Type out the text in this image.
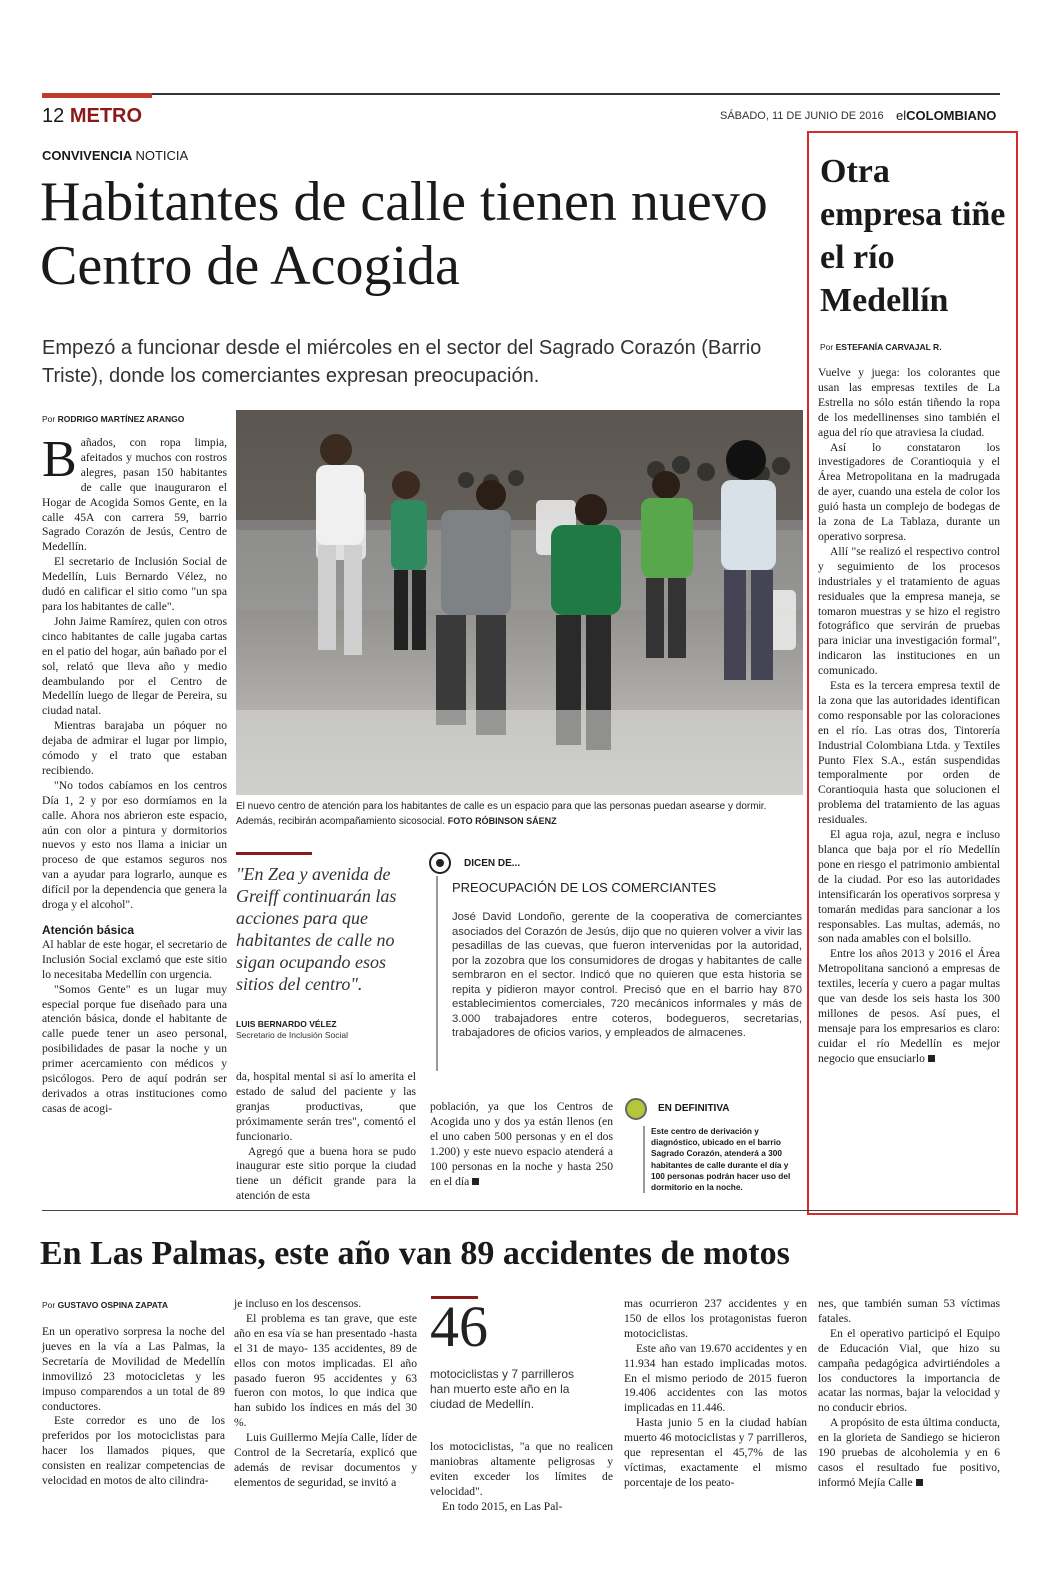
12 METRO	SÁBADO, 11 DE JUNIO DE 2016 elCOLOMBIANO
CONVIVENCIA NOTICIA
Habitantes de calle tienen nuevo Centro de Acogida
Empezó a funcionar desde el miércoles en el sector del Sagrado Corazón (Barrio Triste), donde los comerciantes expresan preocupación.
Por RODRIGO MARTÍNEZ ARANGO

Bañados, con ropa limpia, afeitados y muchos con rostros alegres, pasan 150 habitantes de calle que inauguraron el Hogar de Acogida Somos Gente, en la calle 45A con carrera 59, barrio Sagrado Corazón de Jesús, Centro de Medellín.

El secretario de Inclusión Social de Medellín, Luis Bernardo Vélez, no dudó en calificar el sitio como "un spa para los habitantes de calle".

John Jaime Ramírez, quien con otros cinco habitantes de calle jugaba cartas en el patio del hogar, aún bañado por el sol, relató que lleva año y medio deambulando por el Centro de Medellín luego de llegar de Pereira, su ciudad natal.

Mientras barajaba un póquer no dejaba de admirar el lugar por limpio, cómodo y el trato que estaban recibiendo.

"No todos cabíamos en los centros Día 1, 2 y por eso dormíamos en la calle. Ahora nos abrieron este espacio, aún con olor a pintura y dormitorios nuevos y esto nos llama a iniciar un proceso de que estamos seguros nos van a ayudar para lograrlo, aunque es difícil por la dependencia que genera la droga y el alcohol".

Atención básica

Al hablar de este hogar, el secretario de Inclusión Social exclamó que este sitio lo necesitaba Medellín con urgencia.

"Somos Gente" es un lugar muy especial porque fue diseñado para una atención básica, donde el habitante de calle puede tener un aseo personal, posibilidades de pasar la noche y un primer acercamiento con médicos y psicólogos. Pero de aquí podrán ser derivados a otras instituciones como casas de acogi-

El nuevo centro de atención para los habitantes de calle es un espacio para que las personas puedan asearse y dormir. Además, recibirán acompañamiento sicosocial. FOTO RÓBINSON SÁENZ
"En Zea y avenida de Greiff continuarán las acciones para que habitantes de calle no sigan ocupando esos sitios del centro".
LUIS BERNARDO VÉLEZ
Secretario de Inclusión Social

da, hospital mental si así lo amerita el estado de salud del paciente y las granjas productivas, que próximamente serán tres", comentó el funcionario.

Agregó que a buena hora se pudo inaugurar este sitio porque la ciudad tiene un déficit grande para la atención de esta

DICEN DE...
PREOCUPACIÓN DE LOS COMERCIANTES
José David Londoño, gerente de la cooperativa de comerciantes asociados del Corazón de Jesús, dijo que no quieren volver a vivir las pesadillas de las cuevas, que fueron intervenidas por la autoridad, por la zozobra que los consumidores de drogas y habitantes de calle sembraron en el sector. Indicó que no quieren que esta historia se repita y pidieron mayor control. Precisó que en el barrio hay 870 establecimientos comerciales, 720 mecánicos informales y más de 3.000 trabajadores entre coteros, bodegueros, secretarias, trabajadores de oficios varios, y empleados de almacenes.

población, ya que los Centros de Acogida uno y dos ya están llenos (en el uno caben 500 personas y en el dos 1.200) y este nuevo espacio atenderá a 100 personas en la noche y hasta 250 en el día

EN DEFINITIVA
Este centro de derivación y diagnóstico, ubicado en el barrio Sagrado Corazón, atenderá a 300 habitantes de calle durante el día y 100 personas podrán hacer uso del dormitorio en la noche.
Otra empresa tiñe el río Medellín
Por ESTEFANÍA CARVAJAL R.

Vuelve y juega: los colorantes que usan las empresas textiles de La Estrella no sólo están tiñendo la ropa de los medellinenses sino también el agua del río que atraviesa la ciudad.

Así lo constataron los investigadores de Corantioquia y el Área Metropolitana en la madrugada de ayer, cuando una estela de color los guió hasta un complejo de bodegas de la zona de La Tablaza, durante un operativo sorpresa.

Allí "se realizó el respectivo control y seguimiento de los procesos industriales y el tratamiento de aguas residuales que la empresa maneja, se tomaron muestras y se hizo el registro fotográfico que servirán de pruebas para iniciar una investigación formal", indicaron las instituciones en un comunicado.

Esta es la tercera empresa textil de la zona que las autoridades identifican como responsable por las coloraciones en el río. Las otras dos, Tintorería Industrial Colombiana Ltda. y Textiles Punto Flex S.A., están suspendidas temporalmente por orden de Corantioquia hasta que solucionen el problema del tratamiento de las aguas residuales.

El agua roja, azul, negra e incluso blanca que baja por el río Medellín pone en riesgo el patrimonio ambiental de la ciudad. Por eso las autoridades intensificarán los operativos sorpresa y tomarán medidas para sancionar a los responsables. Las multas, además, no son nada amables con el bolsillo.

Entre los años 2013 y 2016 el Área Metropolitana sancionó a empresas de textiles, lecería y cuero a pagar multas que van desde los seis hasta los 300 millones de pesos. Así pues, el mensaje para los empresarios es claro: cuidar el río Medellín es mejor negocio que ensuciarlo

En Las Palmas, este año van 89 accidentes de motos
Por GUSTAVO OSPINA ZAPATA

En un operativo sorpresa la noche del jueves en la vía a Las Palmas, la Secretaría de Movilidad de Medellín inmovilizó 23 motocicletas y les impuso comparendos a un total de 89 conductores.

Este corredor es uno de los preferidos por los motociclistas para hacer los llamados piques, que consisten en realizar competencias de velocidad en motos de alto cilindra-

je incluso en los descensos.

El problema es tan grave, que este año en esa vía se han presentado -hasta el 31 de mayo- 135 accidentes, 89 de ellos con motos implicadas. El año pasado fueron 95 accidentes y 63 fueron con motos, lo que indica que han subido los índices en más del 30 %.

Luis Guillermo Mejía Calle, líder de Control de la Secretaría, explicó que además de revisar documentos y elementos de seguridad, se invitó a

46
motociclistas y 7 parrilleros han muerto este año en la ciudad de Medellín.

los motociclistas, "a que no realicen maniobras altamente peligrosas y eviten exceder los límites de velocidad".

En todo 2015, en Las Pal-

mas ocurrieron 237 accidentes y en 150 de ellos los protagonistas fueron motociclistas.

Este año van 19.670 accidentes y en 11.934 han estado implicadas motos. En el mismo periodo de 2015 fueron 19.406 accidentes con las motos implicadas en 11.446.

Hasta junio 5 en la ciudad habían muerto 46 motociclistas y 7 parrilleros, que representan el 45,7% de las víctimas, exactamente el mismo porcentaje de los peato-

nes, que también suman 53 víctimas fatales.

En el operativo participó el Equipo de Educación Vial, que hizo su campaña pedagógica advirtiéndoles a los conductores la importancia de acatar las normas, bajar la velocidad y no conducir ebrios.

A propósito de esta última conducta, en la glorieta de Sandiego se hicieron 190 pruebas de alcoholemia y en 6 casos el resultado fue positivo, informó Mejía Calle
